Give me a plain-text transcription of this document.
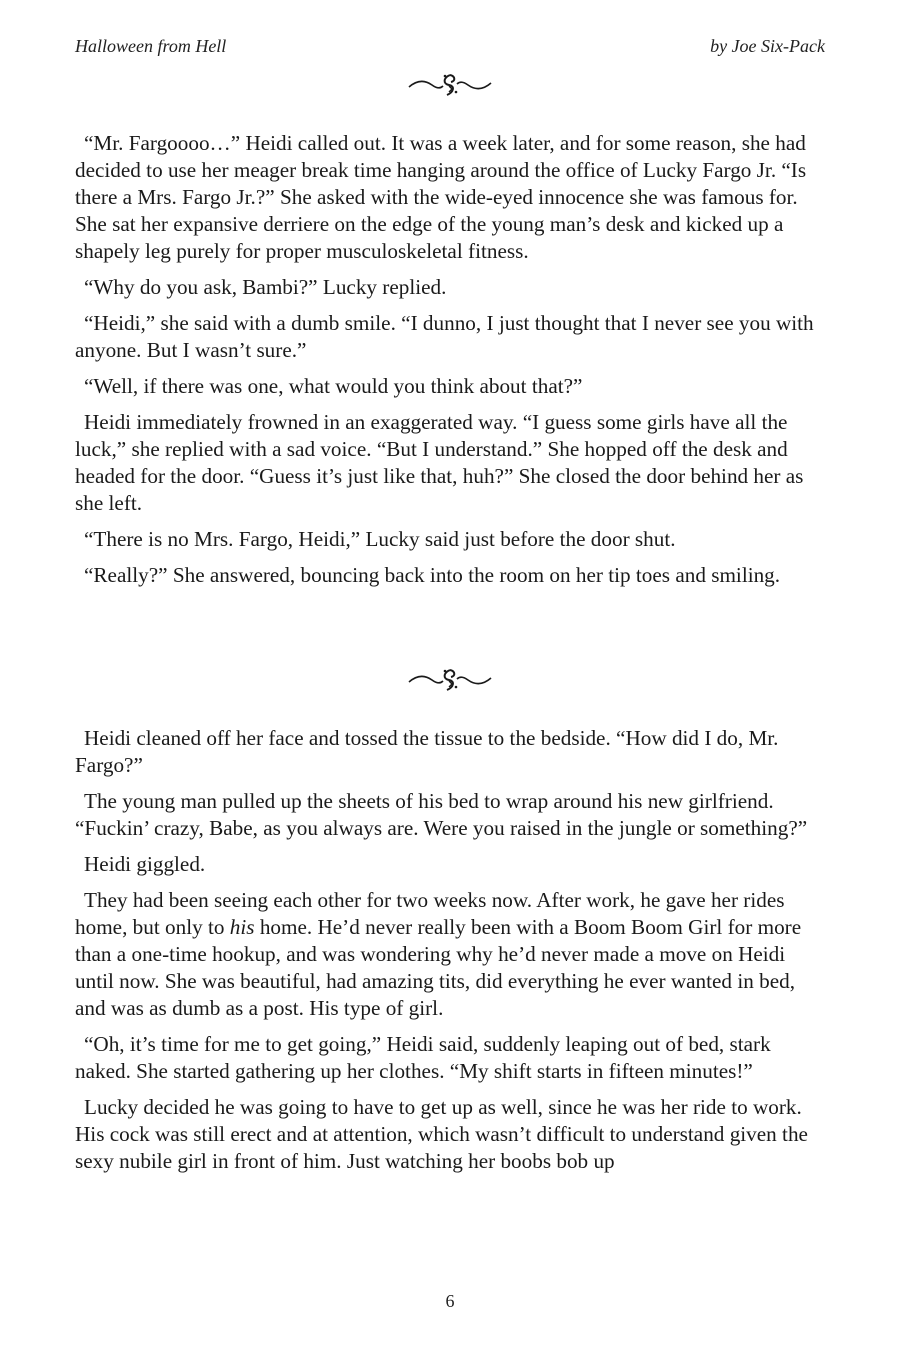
Halloween from Hell	by Joe Six-Pack

“Mr. Fargoooo…” Heidi called out. It was a week later, and for some reason, she had decided to use her meager break time hanging around the office of Lucky Fargo Jr. “Is there a Mrs. Fargo Jr.?” She asked with the wide-eyed innocence she was famous for. She sat her expansive derriere on the edge of the young man’s desk and kicked up a shapely leg purely for proper musculoskeletal fitness.

“Why do you ask, Bambi?” Lucky replied.

“Heidi,” she said with a dumb smile. “I dunno, I just thought that I never see you with anyone. But I wasn’t sure.”

“Well, if there was one, what would you think about that?”

Heidi immediately frowned in an exaggerated way. “I guess some girls have all the luck,” she replied with a sad voice. “But I understand.” She hopped off the desk and headed for the door. “Guess it’s just like that, huh?” She closed the door behind her as she left.

“There is no Mrs. Fargo, Heidi,” Lucky said just before the door shut.

“Really?” She answered, bouncing back into the room on her tip toes and smiling.

Heidi cleaned off her face and tossed the tissue to the bedside. “How did I do, Mr. Fargo?”

The young man pulled up the sheets of his bed to wrap around his new girlfriend. “Fuckin’ crazy, Babe, as you always are. Were you raised in the jungle or something?”

Heidi giggled.

They had been seeing each other for two weeks now. After work, he gave her rides home, but only to his home. He’d never really been with a Boom Boom Girl for more than a one-time hookup, and was wondering why he’d never made a move on Heidi until now. She was beautiful, had amazing tits, did everything he ever wanted in bed, and was as dumb as a post. His type of girl.

“Oh, it’s time for me to get going,” Heidi said, suddenly leaping out of bed, stark naked. She started gathering up her clothes. “My shift starts in fifteen minutes!”

Lucky decided he was going to have to get up as well, since he was her ride to work. His cock was still erect and at attention, which wasn’t difficult to understand given the sexy nubile girl in front of him. Just watching her boobs bob up

6
